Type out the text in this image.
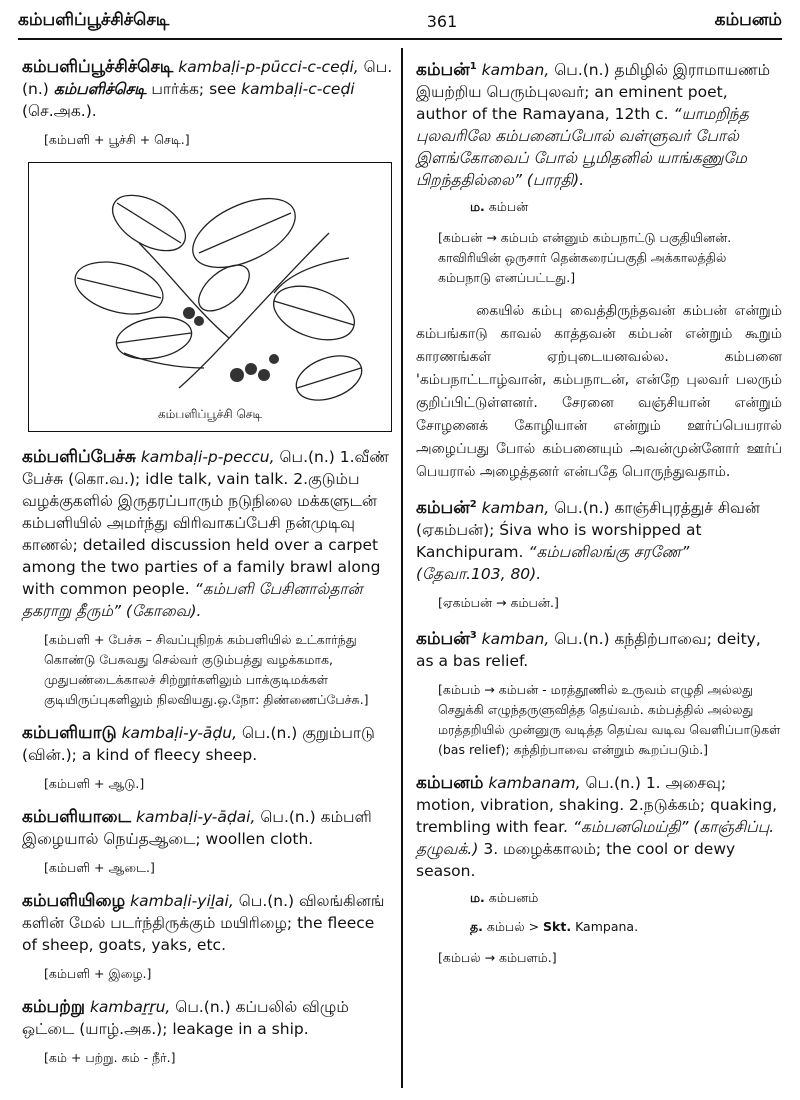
கம்பளிப்பூச்சிச்செடி	361	கம்பனம்
கம்பளிப்பூச்சிச்செடி kambaḷi-p-pūcci-c-ceḍi, பெ.(n.) கம்பளிச்செடி பார்க்க; see kambaḷi-c-ceḍi (செ.அக.).
[கம்பளி + பூச்சி + செடி.]
கம்பளிப்பூச்சி செடி
கம்பளிப்பேச்சு kambaḷi-p-peccu, பெ.(n.) 1.வீண் பேச்சு (கொ.வ.); idle talk, vain talk. 2.குடும்ப வழக்குகளில் இருதரப்பாரும் நடுநிலை மக்களுடன் கம்பளியில் அமர்ந்து விரிவாகப்பேசி நன்முடிவு காணல்; detailed discussion held over a carpet among the two parties of a family brawl along with common people. “கம்பளி பேசினால்தான் தகராறு தீரும்” (கோவை).
[கம்பளி + பேச்சு – சிவப்புநிறக் கம்பளியில் உட்கார்ந்து கொண்டு பேசுவது செல்வர் குடும்பத்து வழக்கமாக, முதுபண்டைக்காலச் சிற்றூர்களிலும் பாக்குடிமக்கள் குடியிருப்புகளிலும் நிலவியது.ஒ.நோ: திண்ணைப்பேச்சு.]
கம்பளியாடு kambaḷi-y-āḍu, பெ.(n.) குறும்பாடு (வின்.); a kind of fleecy sheep.
[கம்பளி + ஆடு.]
கம்பளியாடை kambaḷi-y-āḍai, பெ.(n.) கம்பளி இழையால் நெய்தஆடை; woollen cloth.
[கம்பளி + ஆடை.]
கம்பளியிழை kambaḷi-yiḻai, பெ.(n.) விலங்கினங் களின் மேல் படர்ந்திருக்கும் மயிரிழை; the fleece of sheep, goats, yaks, etc.
[கம்பளி + இழை.]
கம்பற்று kambaṟṟu, பெ.(n.) கப்பலில் விழும் ஒட்டை (யாழ்.அக.); leakage in a ship.
[கம் + பற்று. கம் - நீர்.]
கம்பன்$^1$ kamban, பெ.(n.) தமிழில் இராமாயணம் இயற்றிய பெரும்புலவர்; an eminent poet, author of the Ramayana, 12th c. “யாமறிந்த புலவரிலே கம்பனைப்போல் வள்ளுவர் போல் இளங்கோவைப் போல் பூமிதனில் யாங்கணுமே பிறந்ததில்லை” (பாரதி).
ம. கம்பன்
[கம்பன் → கம்பம் என்னும் கம்பநாட்டு பகுதியினன். காவிரியின் ஒருசார் தென்கரைப்பகுதி அக்காலத்தில் கம்பநாடு எனப்பட்டது.]
கையில் கம்பு வைத்திருந்தவன் கம்பன் என்றும் கம்பங்காடு காவல் காத்தவன் கம்பன் என்றும் கூறும் காரணங்கள் ஏற்புடையனவல்ல. கம்பனை 'கம்பநாட்டாழ்வான், கம்பநாடன், என்றே புலவர் பலரும் குறிப்பிட்டுள்ளனர். சேரனை வஞ்சியான் என்றும் சோழனைக் கோழியான் என்றும் ஊர்ப்பெயரால் அழைப்பது போல் கம்பனையும் அவன்முன்னோர் ஊர்ப் பெயரால் அழைத்தனர் என்பதே பொருந்துவதாம்.
கம்பன்$^2$ kamban, பெ.(n.) காஞ்சிபுரத்துச் சிவன் (ஏகம்பன்); Śiva who is worshipped at Kanchipuram. “கம்பனிலங்கு சரணே” (தேவா.103, 80).
[ஏகம்பன் → கம்பன்.]
கம்பன்$^3$ kamban, பெ.(n.) கந்திற்பாவை; deity, as a bas relief.
[கம்பம் → கம்பன் - மரத்தூணில் உருவம் எழுதி அல்லது செதுக்கி எழுந்தருளுவித்த தெய்வம். கம்பத்தில் அல்லது மரத்தறியில் முன்னுரு வடித்த தெய்வ வடிவ வெளிப்பாடுகள் (bas relief); கந்திற்பாவை என்றும் கூறப்படும்.]
கம்பனம் kambanam, பெ.(n.) 1. அசைவு; motion, vibration, shaking. 2.நடுக்கம்; quaking, trembling with fear. “கம்பனமெய்தி” (காஞ்சிப்பு. தழுவக்.) 3. மழைக்காலம்; the cool or dewy season.
ம. கம்பனம்
த. கம்பல் > Skt. Kampana.
[கம்பல் → கம்பளம்.]
